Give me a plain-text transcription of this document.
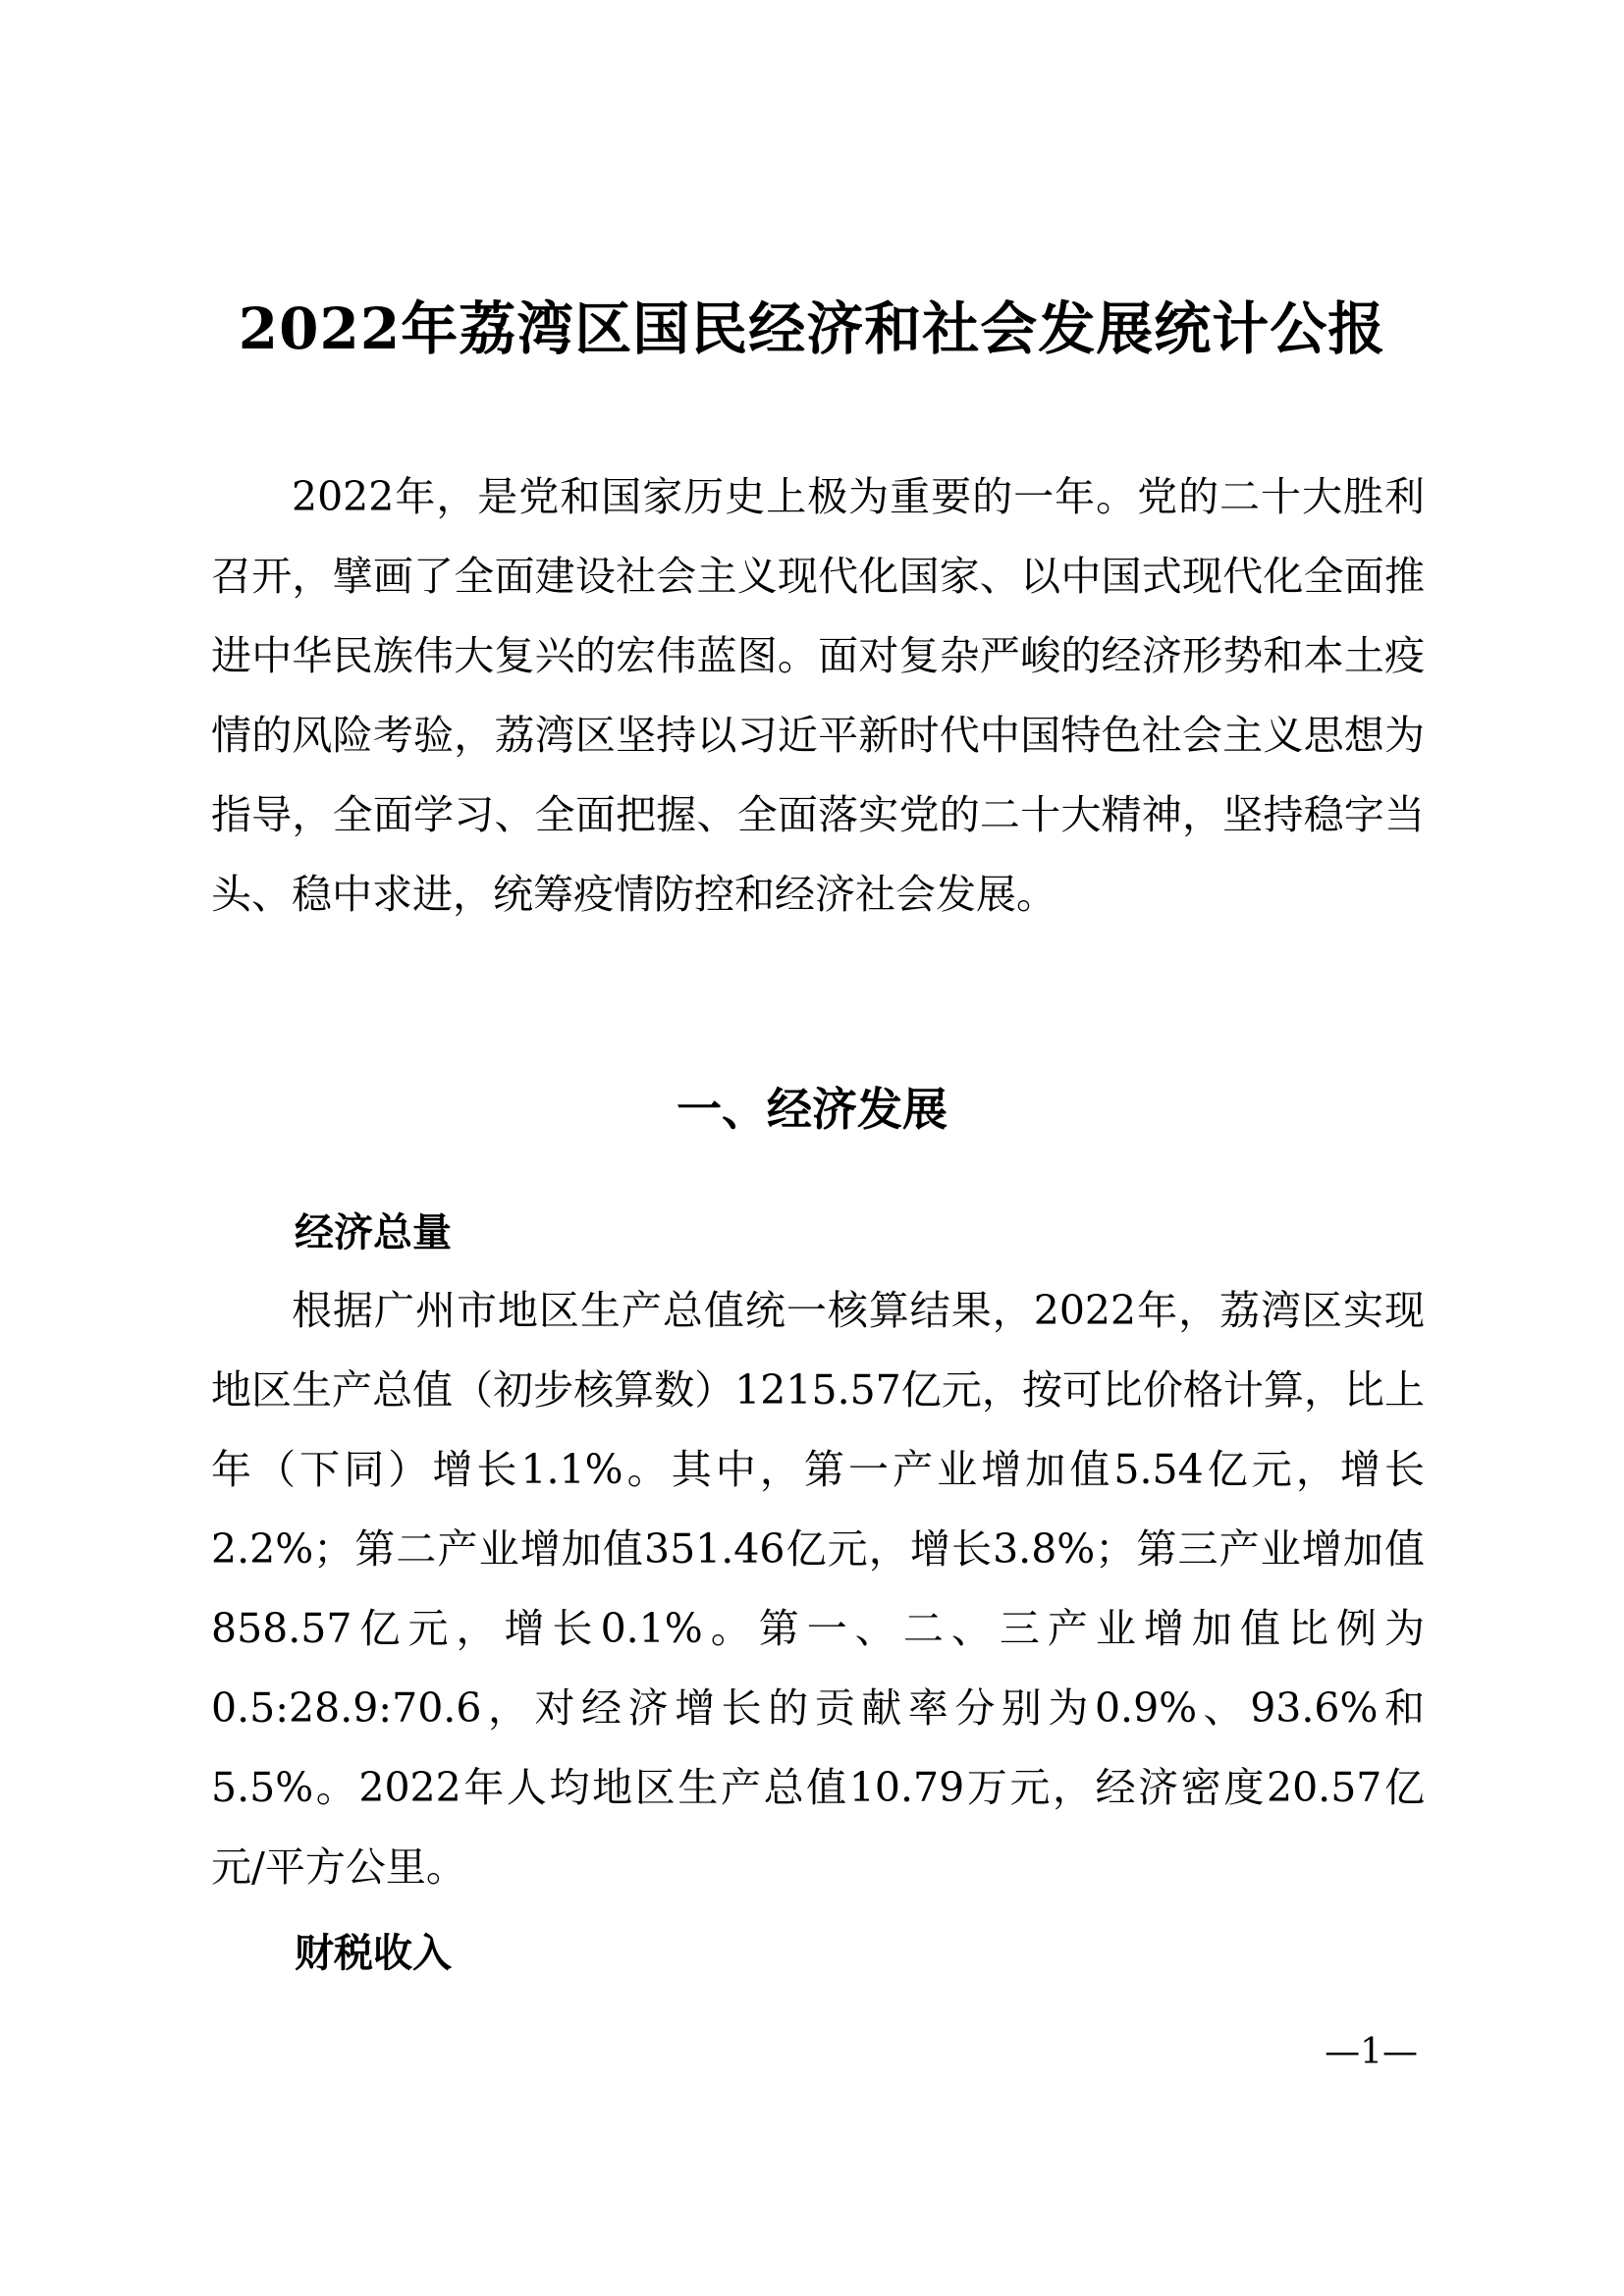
2022年荔湾区国民经济和社会发展统计公报

2022年，是党和国家历史上极为重要的一年。党的二十大胜利召开，擘画了全面建设社会主义现代化国家、以中国式现代化全面推进中华民族伟大复兴的宏伟蓝图。面对复杂严峻的经济形势和本土疫情的风险考验，荔湾区坚持以习近平新时代中国特色社会主义思想为指导，全面学习、全面把握、全面落实党的二十大精神，坚持稳字当头、稳中求进，统筹疫情防控和经济社会发展。

一、经济发展
经济总量

根据广州市地区生产总值统一核算结果，2022年，荔湾区实现地区生产总值（初步核算数）1215.57亿元，按可比价格计算，比上年（下同）增长1.1%。其中，第一产业增加值5.54亿元，增长2.2%；第二产业增加值351.46亿元，增长3.8%；第三产业增加值858.57亿元，增长0.1%。第一、二、三产业增加值比例为0.5:28.9:70.6，对经济增长的贡献率分别为0.9%、93.6%和5.5%。2022年人均地区生产总值10.79万元，经济密度20.57亿元/平方公里。

财税收入
—1—
